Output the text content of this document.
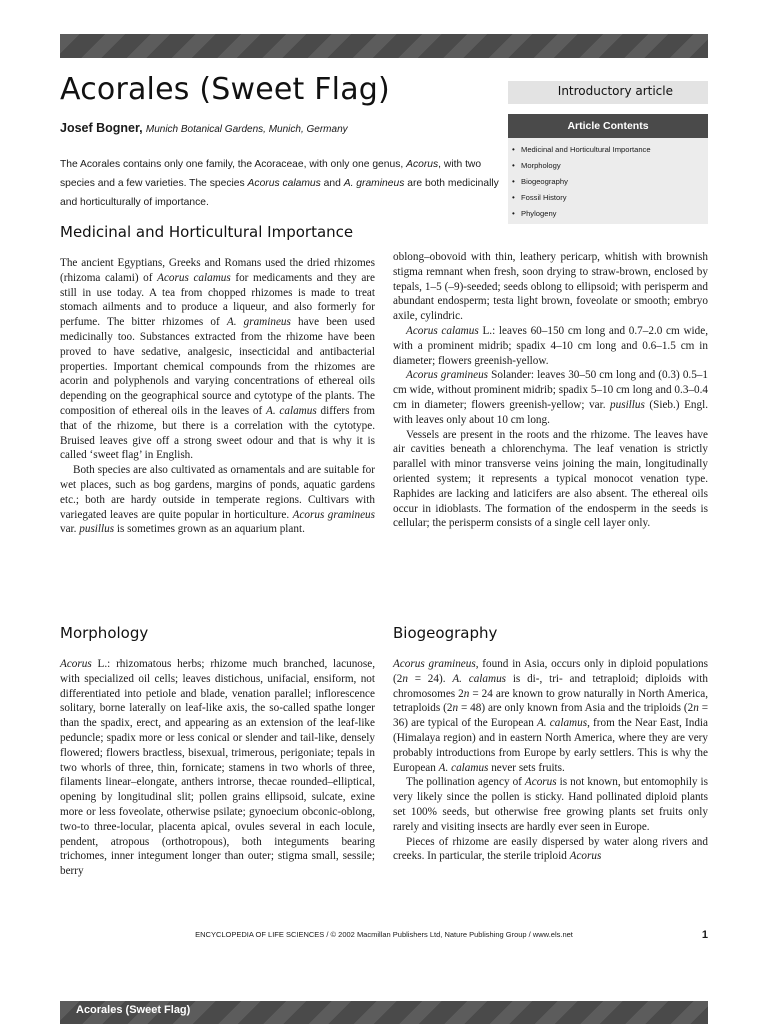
Acorales (Sweet Flag)
Josef Bogner, Munich Botanical Gardens, Munich, Germany
Introductory article
Article Contents
• Medicinal and Horticultural Importance
• Morphology
• Biogeography
• Fossil History
• Phylogeny

The Acorales contains only one family, the Acoraceae, with only one genus, Acorus, with two species and a few varieties. The species Acorus calamus and A. gramineus are both medicinally and horticulturally of importance.

Medicinal and Horticultural Importance

The ancient Egyptians, Greeks and Romans used the dried rhizomes (rhizoma calami) of Acorus calamus for medicaments and they are still in use today. A tea from chopped rhizomes is made to treat stomach ailments and to produce a liqueur, and also formerly for perfume. The bitter rhizomes of A. gramineus have been used medicinally too. Substances extracted from the rhizome have been proved to have sedative, analgesic, insecticidal and antibacterial properties. Important chemical compounds from the rhizomes are acorin and polyphenols and varying concentrations of ethereal oils depending on the geographical source and cytotype of the plants. The composition of ethereal oils in the leaves of A. calamus differs from that of the rhizome, but there is a correlation with the cytotype. Bruised leaves give off a strong sweet odour and that is why it is called ‘sweet flag’ in English.

Both species are also cultivated as ornamentals and are suitable for wet places, such as bog gardens, margins of ponds, aquatic gardens etc.; both are hardy outside in temperate regions. Cultivars with variegated leaves are quite popular in horticulture. Acorus gramineus var. pusillus is sometimes grown as an aquarium plant.

oblong–obovoid with thin, leathery pericarp, whitish with brownish stigma remnant when fresh, soon drying to straw-brown, enclosed by tepals, 1–5 (–9)-seeded; seeds oblong to ellipsoid; with perisperm and abundant endosperm; testa light brown, foveolate or smooth; embryo axile, cylindric.

Acorus calamus L.: leaves 60–150 cm long and 0.7–2.0 cm wide, with a prominent midrib; spadix 4–10 cm long and 0.6–1.5 cm in diameter; flowers greenish-yellow.

Acorus gramineus Solander: leaves 30–50 cm long and (0.3) 0.5–1 cm wide, without prominent midrib; spadix 5–10 cm long and 0.3–0.4 cm in diameter; flowers greenish-yellow; var. pusillus (Sieb.) Engl. with leaves only about 10 cm long.

Vessels are present in the roots and the rhizome. The leaves have air cavities beneath a chlorenchyma. The leaf venation is strictly parallel with minor transverse veins joining the main, longitudinally oriented system; it represents a typical monocot venation type. Raphides are lacking and laticifers are also absent. The ethereal oils occur in idioblasts. The formation of the endosperm in the seeds is cellular; the perisperm consists of a single cell layer only.

Morphology

Acorus L.: rhizomatous herbs; rhizome much branched, lacunose, with specialized oil cells; leaves distichous, unifacial, ensiform, not differentiated into petiole and blade, venation parallel; inflorescence solitary, borne laterally on leaf-like axis, the so-called spathe longer than the spadix, erect, and appearing as an extension of the leaf-like peduncle; spadix more or less conical or slender and tail-like, densely flowered; flowers bractless, bisexual, trimerous, perigoniate; tepals in two whorls of three, thin, fornicate; stamens in two whorls of three, filaments linear–elongate, anthers introrse, thecae rounded–elliptical, opening by longitudinal slit; pollen grains ellipsoid, sulcate, exine more or less foveolate, otherwise psilate; gynoecium obconic-oblong, two-to three-locular, placenta apical, ovules several in each locule, pendent, atropous (orthotropous), both integuments bearing trichomes, inner integument longer than outer; stigma small, sessile; berry

Biogeography

Acorus gramineus, found in Asia, occurs only in diploid populations (2n = 24). A. calamus is di-, tri- and tetraploid; diploids with chromosomes 2n = 24 are known to grow naturally in North America, tetraploids (2n = 48) are only known from Asia and the triploids (2n = 36) are typical of the European A. calamus, from the Near East, India (Himalaya region) and in eastern North America, where they are very probably introductions from Europe by early settlers. This is why the European A. calamus never sets fruits.

The pollination agency of Acorus is not known, but entomophily is very likely since the pollen is sticky. Hand pollinated diploid plants set 100% seeds, but otherwise free growing plants set fruits only rarely and visiting insects are hardly ever seen in Europe.

Pieces of rhizome are easily dispersed by water along rivers and creeks. In particular, the sterile triploid Acorus

ENCYCLOPEDIA OF LIFE SCIENCES / © 2002 Macmillan Publishers Ltd, Nature Publishing Group / www.els.net	1
Acorales (Sweet Flag)
